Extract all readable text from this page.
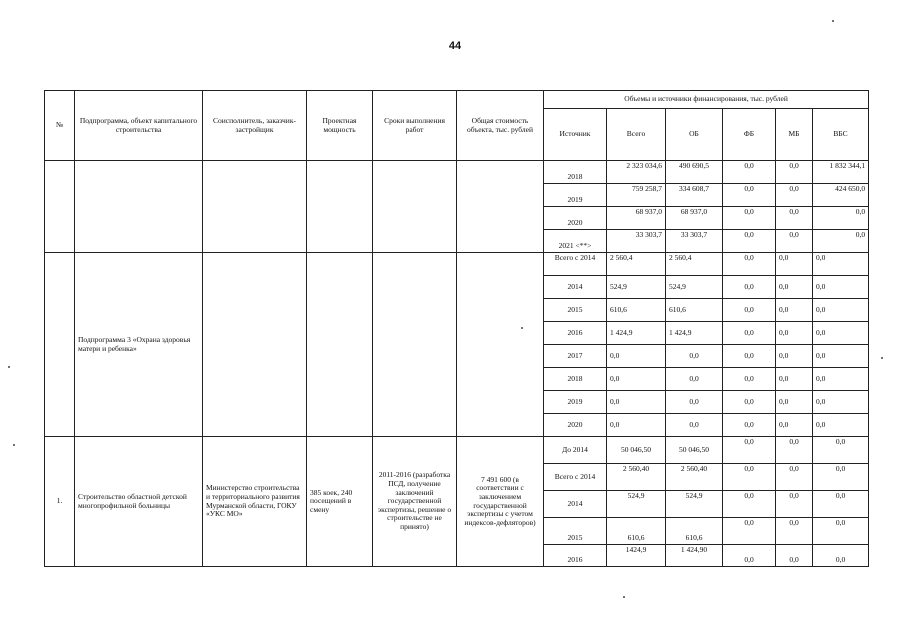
44
№	Подпрограмма, объект капитального строительства	Соисполнитель, заказчик-застройщик	Проектная мощность	Сроки выполнения работ	Общая стоимость объекта, тыс. рублей	Объемы и источники финансирования, тыс. рублей					
						Источник	Всего	ОБ	ФБ	МБ	ВБС
						2018	2 323 034,6	490 690,5	0,0	0,0	1 832 344,1
						2019	759 258,7	334 608,7	0,0	0,0	424 650,0
						2020	68 937,0	68 937,0	0,0	0,0	0,0
						2021 <**>	33 303,7	33 303,7	0,0	0,0	0,0
	Подпрограмма 3 «Охрана здоровья матери и ребенка»					Всего с 2014	2 560,4	2 560,4	0,0	0,0	0,0
						2014	524,9	524,9	0,0	0,0	0,0
						2015	610,6	610,6	0,0	0,0	0,0
						2016	1 424,9	1 424,9	0,0	0,0	0,0
						2017	0,0	0,0	0,0	0,0	0,0
						2018	0,0	0,0	0,0	0,0	0,0
						2019	0,0	0,0	0,0	0,0	0,0
						2020	0,0	0,0	0,0	0,0	0,0
1.	Строительство областной детской многопрофильной больницы	Министерство строительства и территориального развития Мурманской области, ГОКУ «УКС МО»	385 коек, 240 посещений в смену	2011-2016 (разработка ПСД, получение заключений государственной экспертизы, решение о строительстве не принято)	7 491 600 (в соответствии с заключением государственной экспертизы с учетом индексов-дефляторов)	До 2014	50 046,50	50 046,50	0,0	0,0	0,0
						Всего с 2014	2 560,40	2 560,40	0,0	0,0	0,0
						2014	524,9	524,9	0,0	0,0	0,0
						2015	610,6	610,6	0,0	0,0	0,0
						2016	1424,9	1 424,90	0,0	0,0	0,0
